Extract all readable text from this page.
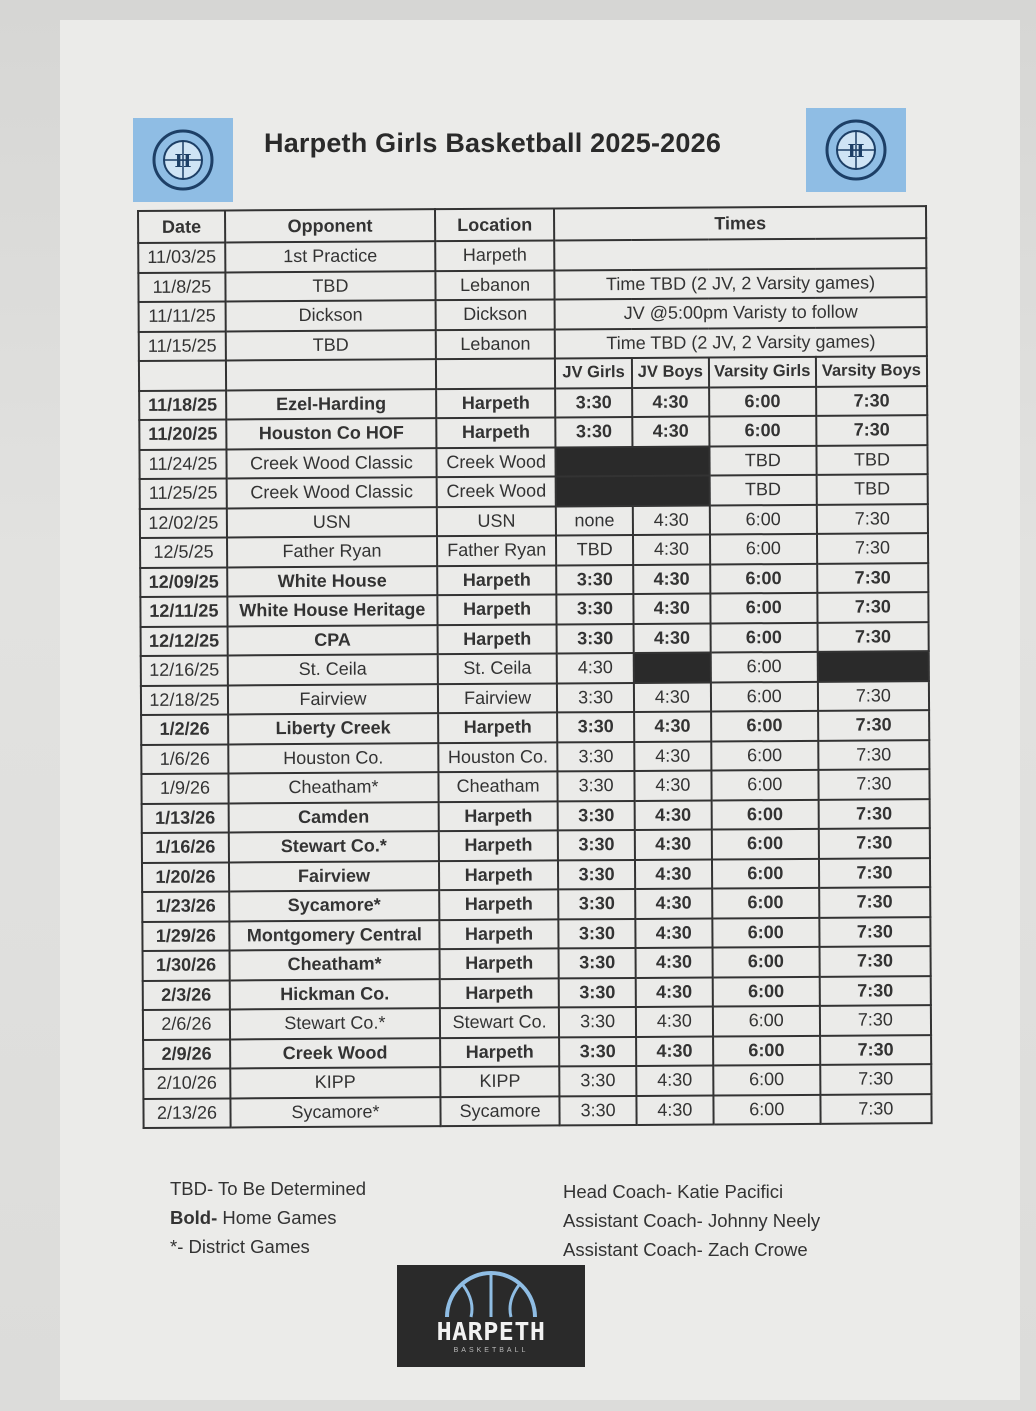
H
Harpeth Girls Basketball 2025-2026	H
Date	Opponent	Location	Times			
11/03/25	1st Practice	Harpeth				
11/8/25	TBD	Lebanon	Time TBD (2 JV, 2 Varsity games)			
11/11/25	Dickson	Dickson	JV @5:00pm Varisty to follow			
11/15/25	TBD	Lebanon	Time TBD (2 JV, 2 Varsity games)			
			JV Girls	JV Boys	Varsity Girls	Varsity Boys
11/18/25	Ezel-Harding	Harpeth	3:30	4:30	6:00	7:30
11/20/25	Houston Co HOF	Harpeth	3:30	4:30	6:00	7:30
11/24/25	Creek Wood Classic	Creek Wood			TBD	TBD
11/25/25	Creek Wood Classic	Creek Wood			TBD	TBD
12/02/25	USN	USN	none	4:30	6:00	7:30
12/5/25	Father Ryan	Father Ryan	TBD	4:30	6:00	7:30
12/09/25	White House	Harpeth	3:30	4:30	6:00	7:30
12/11/25	White House Heritage	Harpeth	3:30	4:30	6:00	7:30
12/12/25	CPA	Harpeth	3:30	4:30	6:00	7:30
12/16/25	St. Ceila	St. Ceila	4:30		6:00	
12/18/25	Fairview	Fairview	3:30	4:30	6:00	7:30
1/2/26	Liberty Creek	Harpeth	3:30	4:30	6:00	7:30
1/6/26	Houston Co.	Houston Co.	3:30	4:30	6:00	7:30
1/9/26	Cheatham*	Cheatham	3:30	4:30	6:00	7:30
1/13/26	Camden	Harpeth	3:30	4:30	6:00	7:30
1/16/26	Stewart Co.*	Harpeth	3:30	4:30	6:00	7:30
1/20/26	Fairview	Harpeth	3:30	4:30	6:00	7:30
1/23/26	Sycamore*	Harpeth	3:30	4:30	6:00	7:30
1/29/26	Montgomery Central	Harpeth	3:30	4:30	6:00	7:30
1/30/26	Cheatham*	Harpeth	3:30	4:30	6:00	7:30
2/3/26	Hickman Co.	Harpeth	3:30	4:30	6:00	7:30
2/6/26	Stewart Co.*	Stewart Co.	3:30	4:30	6:00	7:30
2/9/26	Creek Wood	Harpeth	3:30	4:30	6:00	7:30
2/10/26	KIPP	KIPP	3:30	4:30	6:00	7:30
2/13/26	Sycamore*	Sycamore	3:30	4:30	6:00	7:30
TBD- To Be Determined
Bold- Home Games
*- District Games
Head Coach- Katie Pacifici
Assistant Coach- Johnny Neely
Assistant Coach- Zach Crowe
HARPETH
BASKETBALL
